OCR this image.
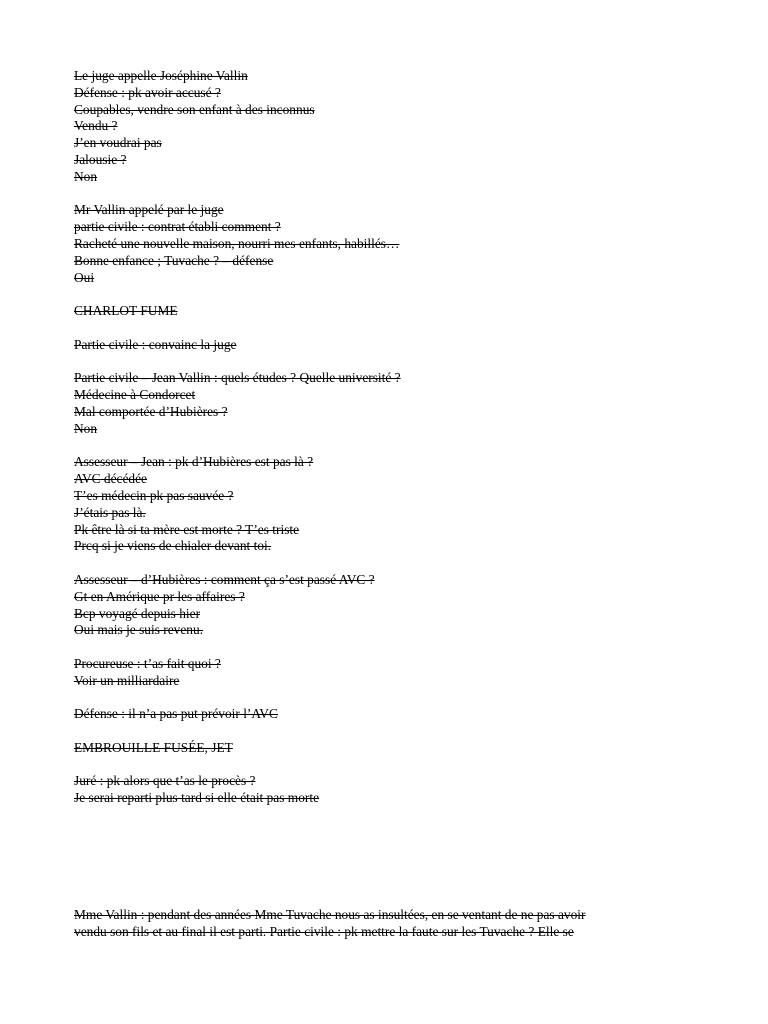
Le juge appelle Joséphine Vallin
Défense : pk avoir accusé ?
Coupables, vendre son enfant à des inconnus
Vendu ?
J’en voudrai pas
Jalousie ?
Non
Mr Vallin appelé par le juge
partie civile : contrat établi comment ?
Racheté une nouvelle maison, nourri mes enfants, habillés…
Bonne enfance ; Tuvache ? – défense
Oui
CHARLOT FUME
Partie civile : convainc la juge
Partie civile – Jean Vallin : quels études ? Quelle université ?
Médecine à Condorcet
Mal comportée d’Hubières ?
Non
Assesseur – Jean : pk d’Hubières est pas là ?
AVC décédée
T’es médecin pk pas sauvée ?
J’étais pas là.
Pk être là si ta mère est morte ? T’es triste
Prcq si je viens de chialer devant toi.
Assesseur – d’Hubières : comment ça s’est passé AVC ?
Gt en Amérique pr les affaires ?
Bcp voyagé depuis hier
Oui mais je suis revenu.
Procureuse : t’as fait quoi ?
Voir un milliardaire
Défense : il n’a pas put prévoir l’AVC
EMBROUILLE FUSÉE, JET
Juré : pk alors que t’as le procès ?
Je serai reparti plus tard si elle était pas morte
Mme Vallin : pendant des années Mme Tuvache nous as insultées, en se ventant de ne pas avoir
vendu son fils et au final il est parti. Partie civile : pk mettre la faute sur les Tuvache ? Elle se
